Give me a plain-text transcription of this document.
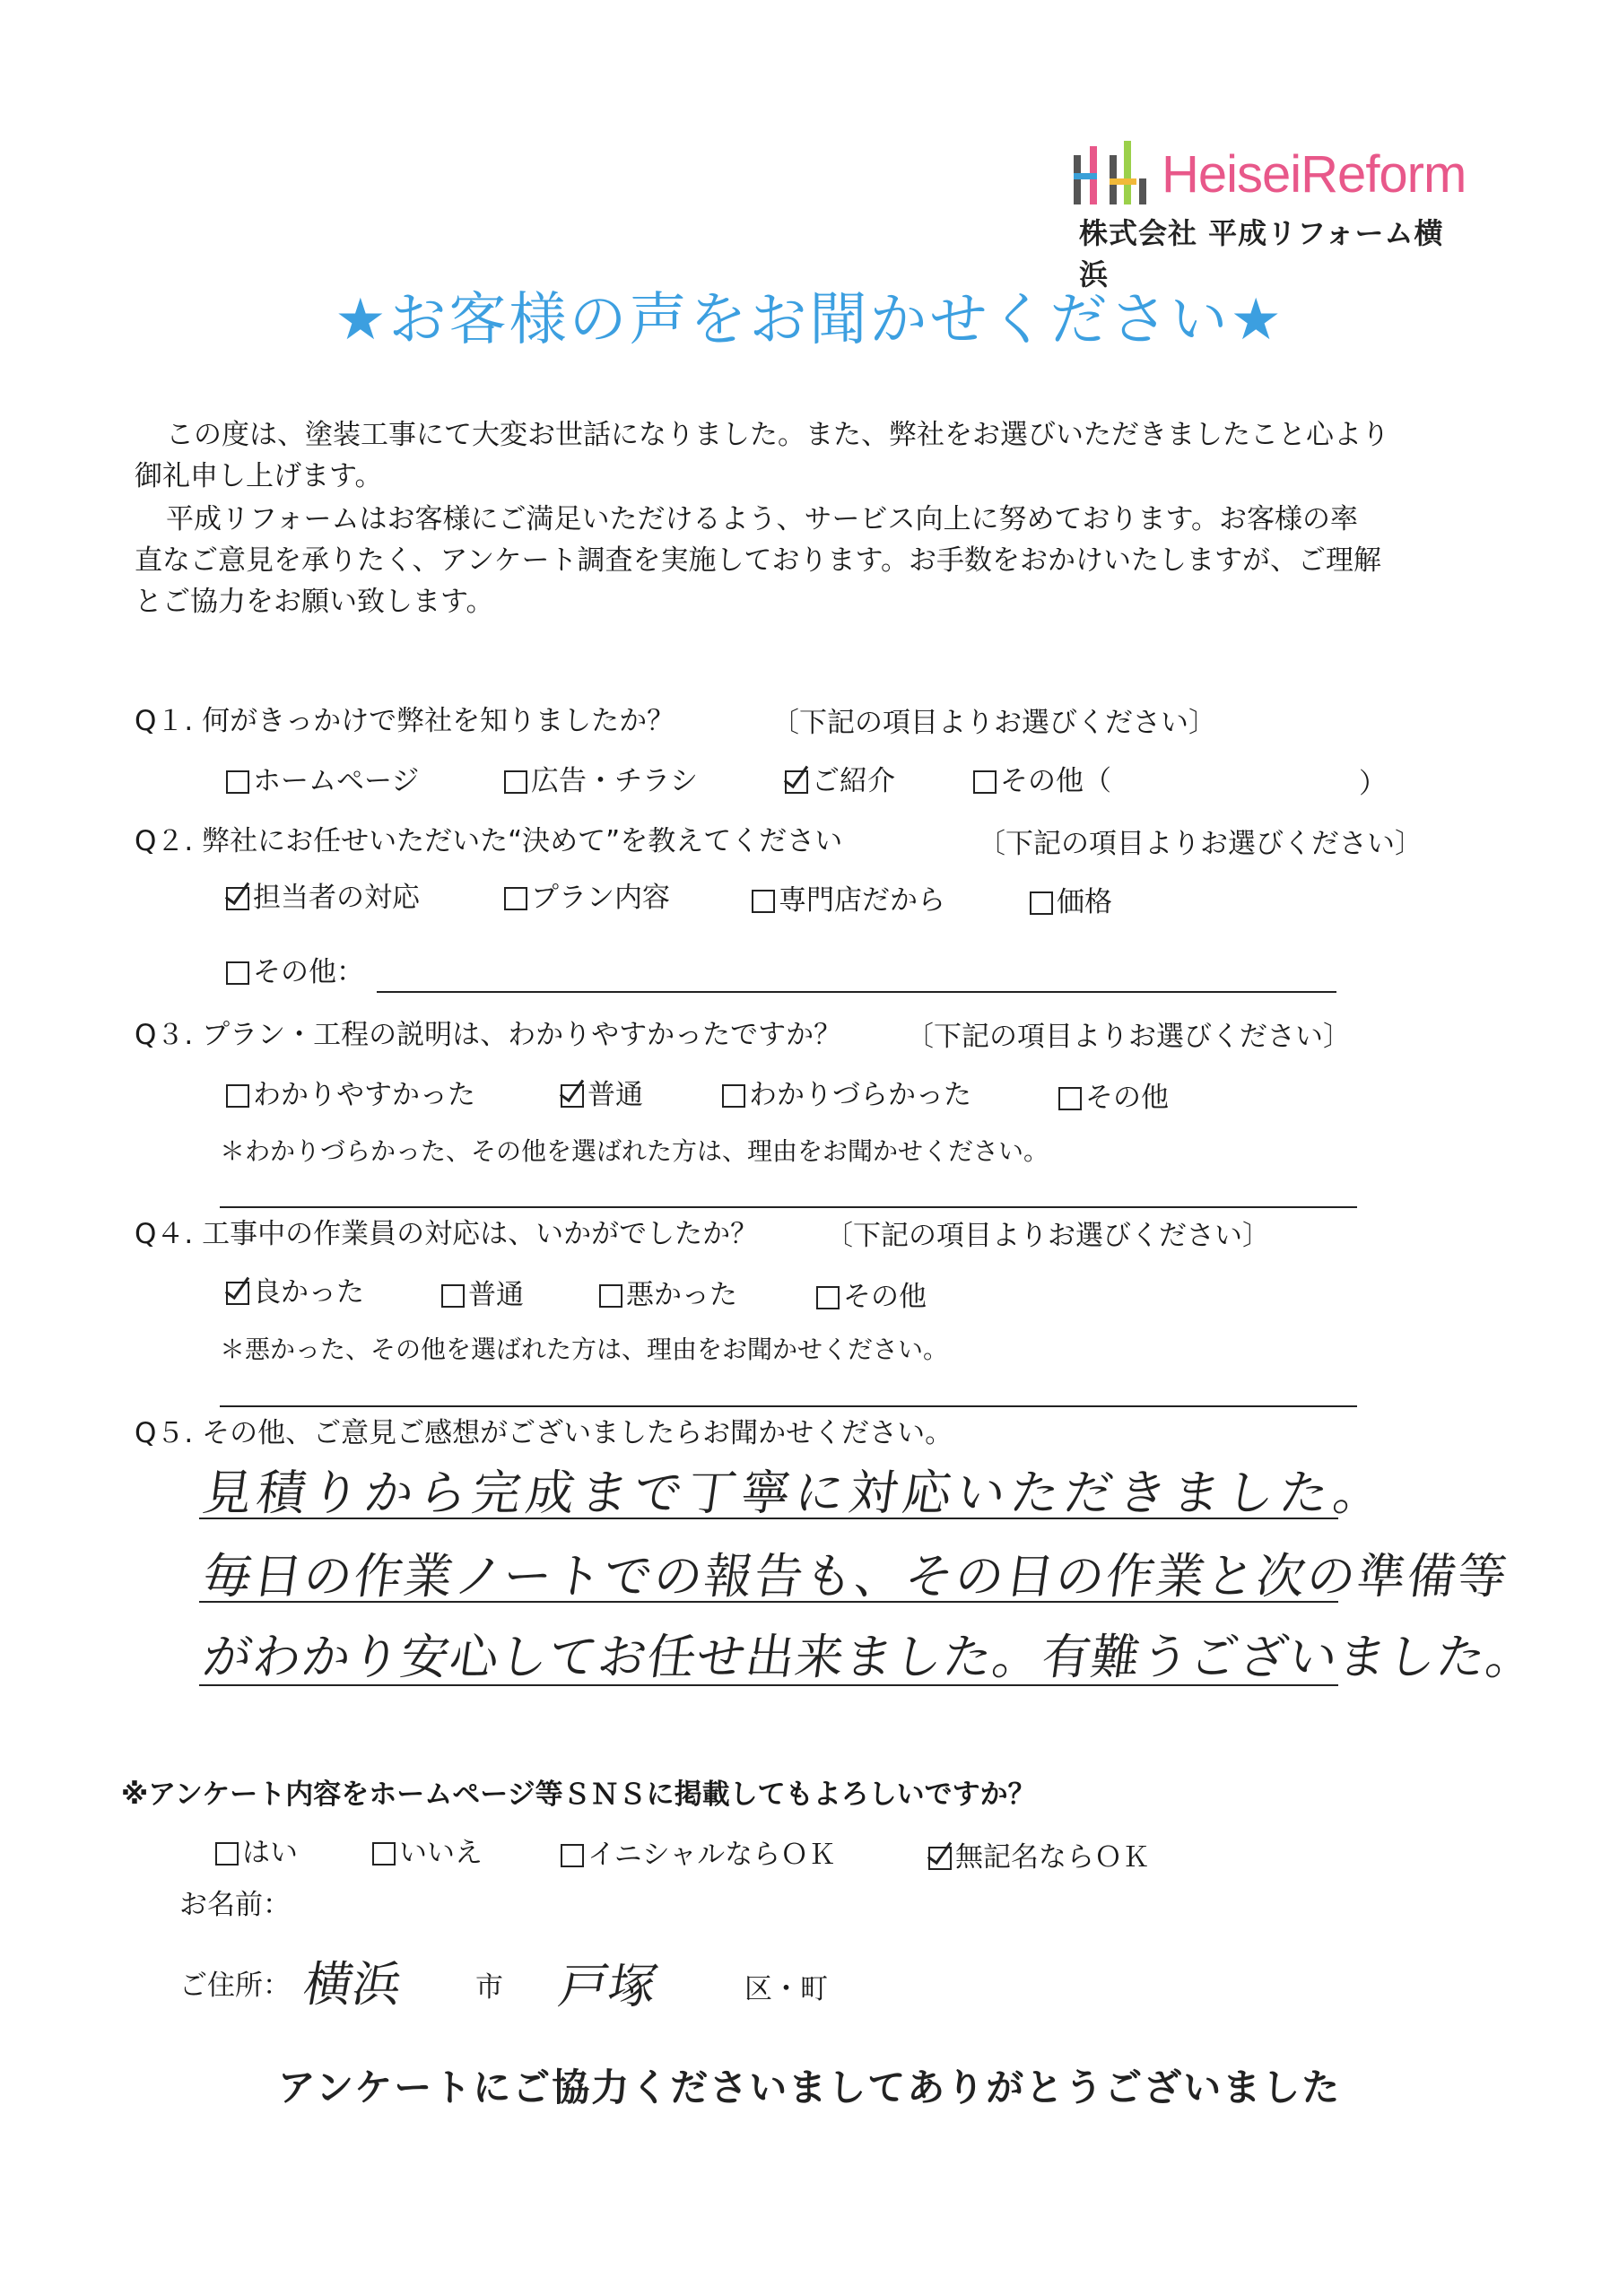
HeiseiReform
株式会社 平成リフォーム横浜
★お客様の声をお聞かせください★
この度は、塗装工事にて大変お世話になりました。また、弊社をお選びいただきましたこと心より
御礼申し上げます。
平成リフォームはお客様にご満足いただけるよう、サービス向上に努めております。お客様の率
直なご意見を承りたく、アンケート調査を実施しております。お手数をおかけいたしますが、ご理解
とご協力をお願い致します。
Q１. 何がきっかけで弊社を知りましたか？	〔下記の項目よりお選びください〕
ホームページ	広告・チラシ	ご紹介	その他（	）
Q２. 弊社にお任せいただいた“決めて”を教えてください	〔下記の項目よりお選びください〕
担当者の対応	プラン内容	専門店だから	価格
その他：
Q３. プラン・工程の説明は、わかりやすかったですか？ 〔下記の項目よりお選びください〕
わかりやすかった	普通	わかりづらかった	その他
＊わかりづらかった、その他を選ばれた方は、理由をお聞かせください。
Q４. 工事中の作業員の対応は、いかがでしたか？ 〔下記の項目よりお選びください〕
良かった	普通	悪かった	その他
＊悪かった、その他を選ばれた方は、理由をお聞かせください。
Q５. その他、ご意見ご感想がございましたらお聞かせください。
見積りから完成まで丁寧に対応いただきました。
毎日の作業ノートでの報告も、その日の作業と次の準備等
がわかり安心してお任せ出来ました。有難うございました。
※アンケート内容をホームページ等ＳＮＳに掲載してもよろしいですか？
はい	いいえ	イニシャルならＯＫ	無記名ならＯＫ
お名前：
ご住所： 横浜 市 戸塚	区・町
アンケートにご協力くださいましてありがとうございました
